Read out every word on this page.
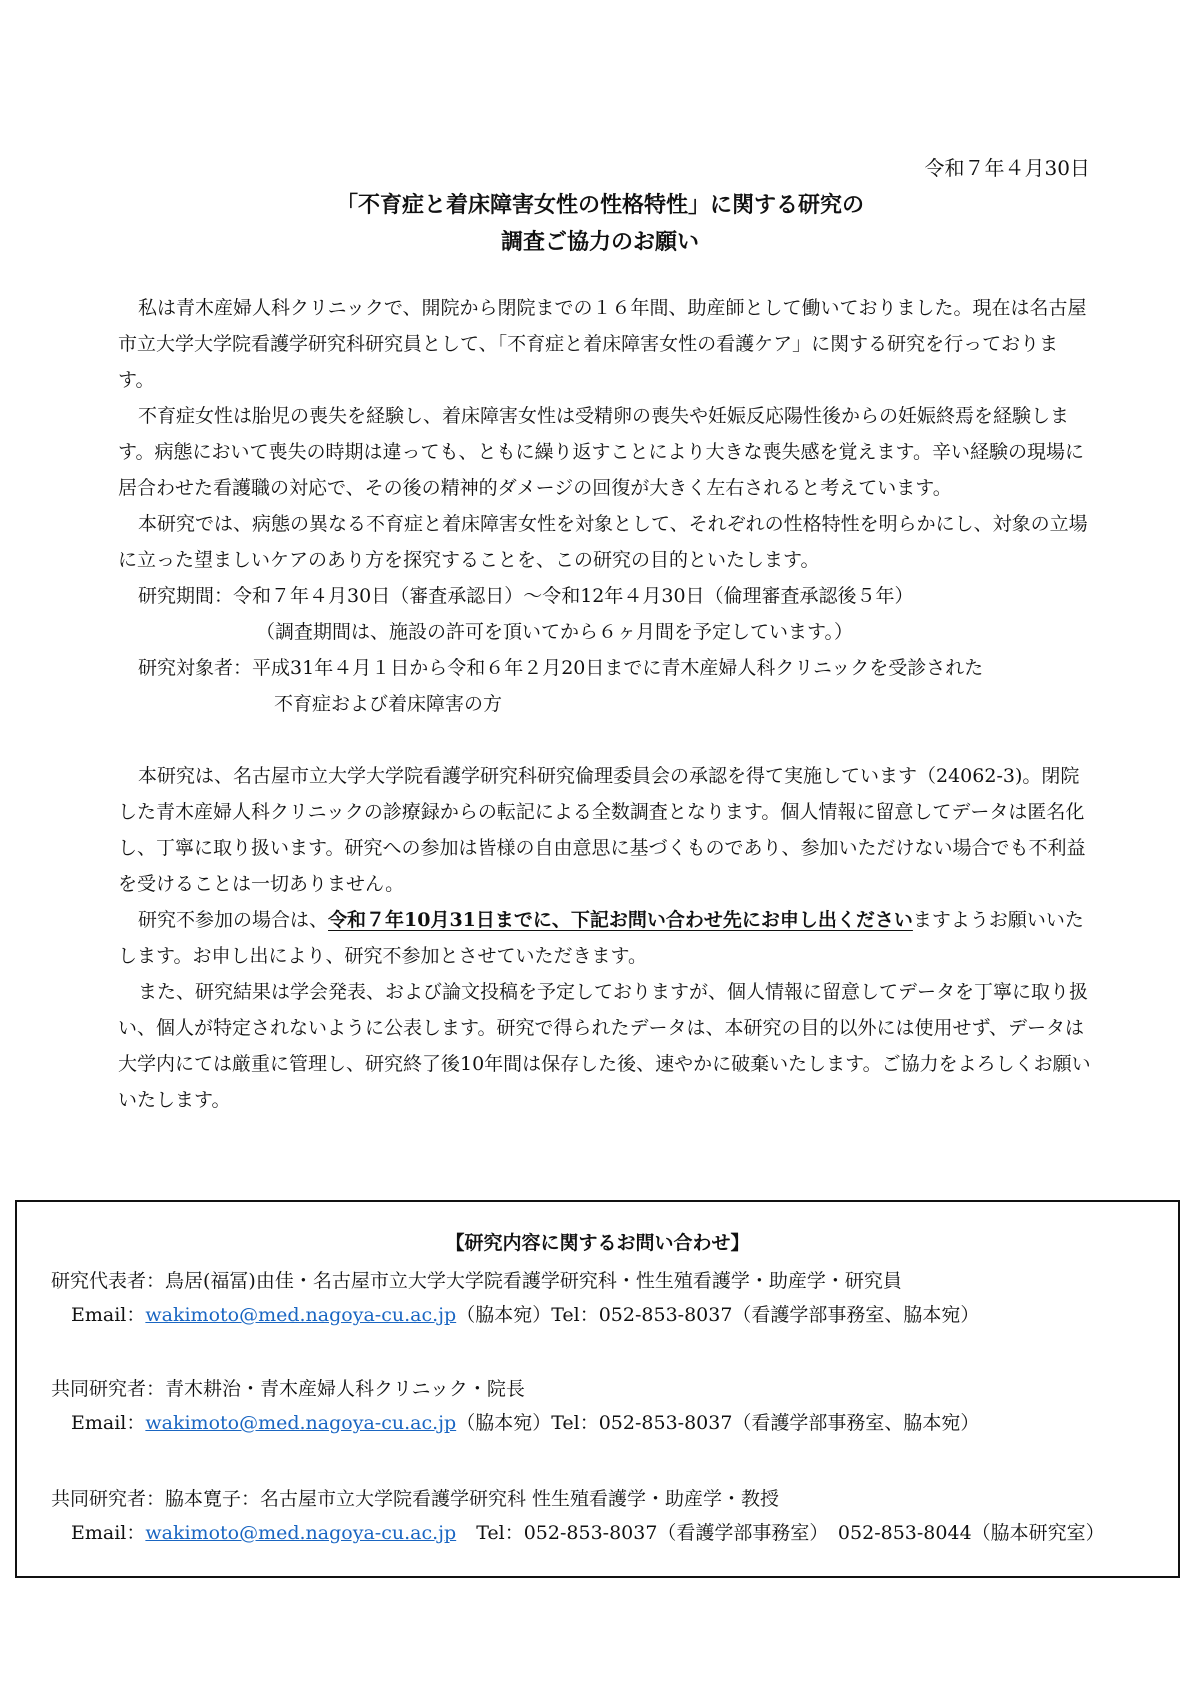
令和７年４月30日
「不育症と着床障害女性の性格特性」に関する研究の
調査ご協力のお願い

私は青木産婦人科クリニックで、開院から閉院までの１６年間、助産師として働いておりました。現在は名古屋市立大学大学院看護学研究科研究員として、「不育症と着床障害女性の看護ケア」に関する研究を行っております。

不育症女性は胎児の喪失を経験し、着床障害女性は受精卵の喪失や妊娠反応陽性後からの妊娠終焉を経験します。病態において喪失の時期は違っても、ともに繰り返すことにより大きな喪失感を覚えます。辛い経験の現場に居合わせた看護職の対応で、その後の精神的ダメージの回復が大きく左右されると考えています。

本研究では、病態の異なる不育症と着床障害女性を対象として、それぞれの性格特性を明らかにし、対象の立場に立った望ましいケアのあり方を探究することを、この研究の目的といたします。

研究期間：令和７年４月30日（審査承認日）～令和12年４月30日（倫理審査承認後５年）
（調査期間は、施設の許可を頂いてから６ヶ月間を予定しています。）
研究対象者：平成31年４月１日から令和６年２月20日までに青木産婦人科クリニックを受診された
不育症および着床障害の方

本研究は、名古屋市立大学大学院看護学研究科研究倫理委員会の承認を得て実施しています（24062-3)。閉院した青木産婦人科クリニックの診療録からの転記による全数調査となります。個人情報に留意してデータは匿名化し、丁寧に取り扱います。研究への参加は皆様の自由意思に基づくものであり、参加いただけない場合でも不利益を受けることは一切ありません。

研究不参加の場合は、令和７年10月31日までに、下記お問い合わせ先にお申し出くださいますようお願いいたします。お申し出により、研究不参加とさせていただきます。

また、研究結果は学会発表、および論文投稿を予定しておりますが、個人情報に留意してデータを丁寧に取り扱い、個人が特定されないように公表します。研究で得られたデータは、本研究の目的以外には使用せず、データは大学内にては厳重に管理し、研究終了後10年間は保存した後、速やかに破棄いたします。ご協力をよろしくお願いいたします。

【研究内容に関するお問い合わせ】
研究代表者：鳥居(福冨)由佳・名古屋市立大学大学院看護学研究科・性生殖看護学・助産学・研究員
Email：wakimoto@med.nagoya-cu.ac.jp（脇本宛）Tel：052-853-8037（看護学部事務室、脇本宛）
共同研究者：青木耕治・青木産婦人科クリニック・院長
Email：wakimoto@med.nagoya-cu.ac.jp（脇本宛）Tel：052-853-8037（看護学部事務室、脇本宛）
共同研究者：脇本寛子：名古屋市立大学院看護学研究科 性生殖看護学・助産学・教授
Email：wakimoto@med.nagoya-cu.ac.jp Tel：052-853-8037（看護学部事務室）　052-853-8044（脇本研究室）
